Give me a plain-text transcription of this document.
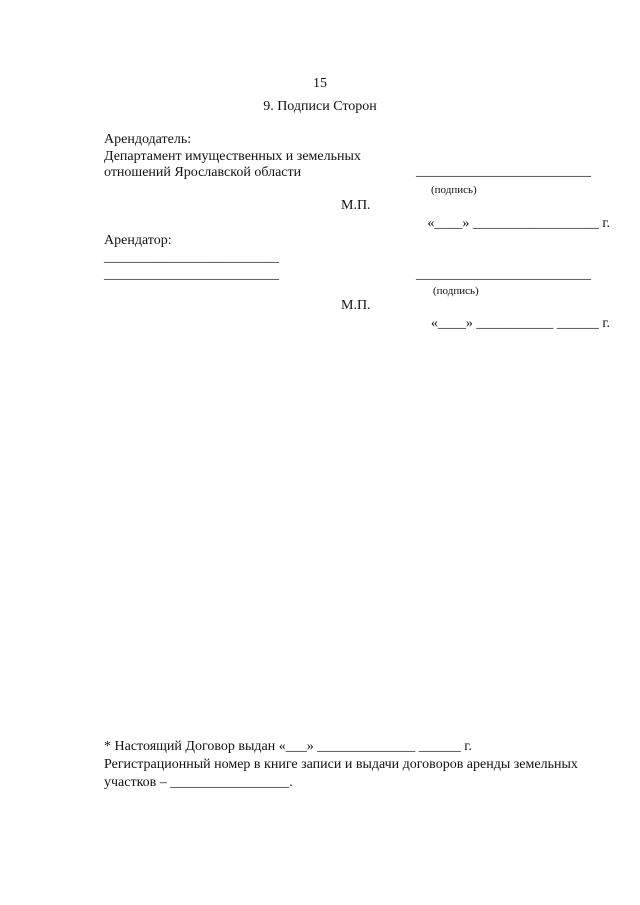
15
9. Подписи Сторон
Арендодатель:
Департамент имущественных и земельных
отношений Ярославской области	_________________________
(подпись)
М.П.
«____» __________________ г.
Арендатор:
_________________________
_________________________	_________________________
(подпись)
М.П.
«____» ___________ ______ г.
* Настоящий Договор выдан «___» ______________ ______ г.
Регистрационный номер в книге записи и выдачи договоров аренды земельных
участков – _________________.
